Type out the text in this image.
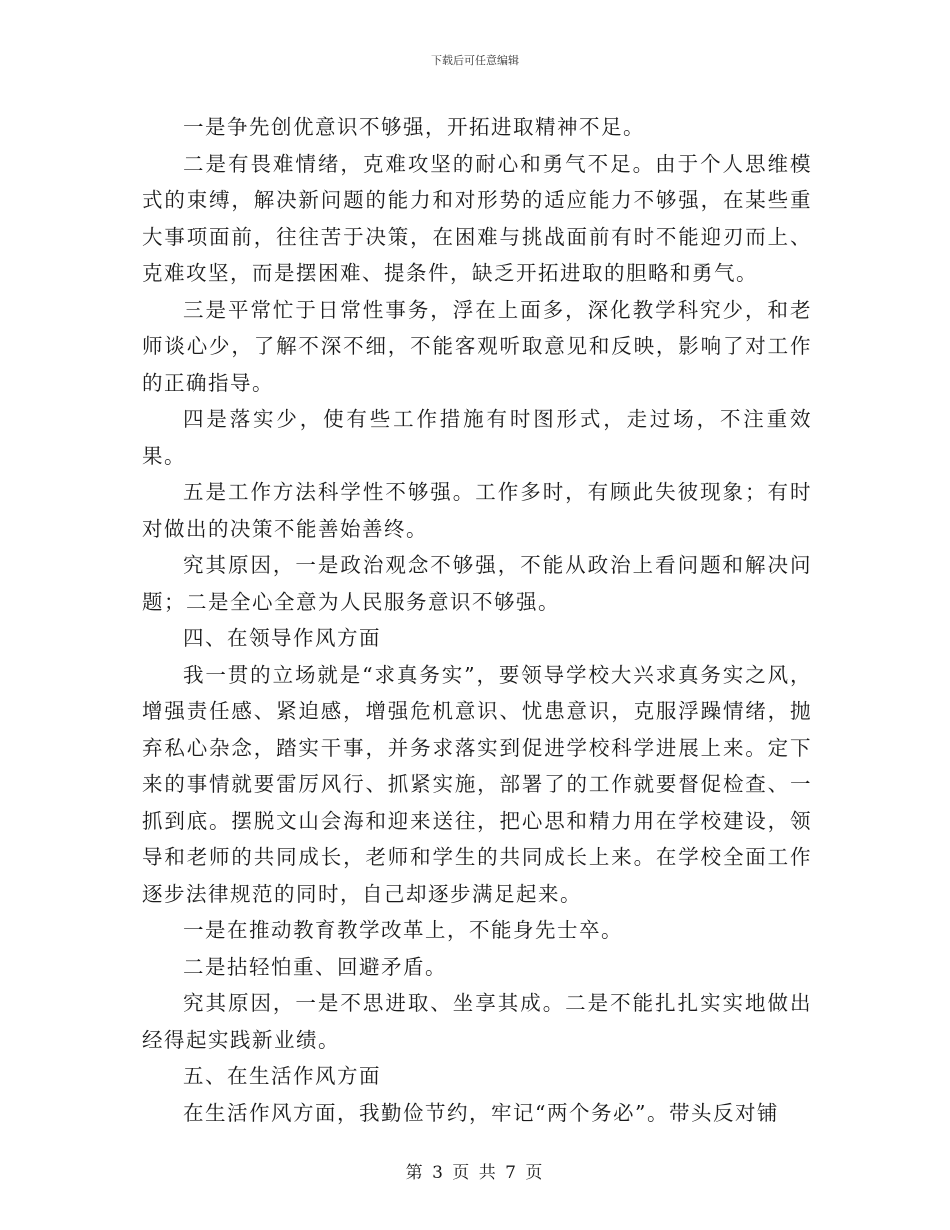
下载后可任意编辑

一是争先创优意识不够强，开拓进取精神不足。

二是有畏难情绪，克难攻坚的耐心和勇气不足。由于个人思维模式的束缚，解决新问题的能力和对形势的适应能力不够强，在某些重大事项面前，往往苦于决策，在困难与挑战面前有时不能迎刃而上、克难攻坚，而是摆困难、提条件，缺乏开拓进取的胆略和勇气。

三是平常忙于日常性事务，浮在上面多，深化教学科究少，和老师谈心少，了解不深不细，不能客观听取意见和反映，影响了对工作的正确指导。

四是落实少，使有些工作措施有时图形式，走过场，不注重效果。

五是工作方法科学性不够强。工作多时，有顾此失彼现象；有时对做出的决策不能善始善终。

究其原因，一是政治观念不够强，不能从政治上看问题和解决问题；二是全心全意为人民服务意识不够强。

四、在领导作风方面

我一贯的立场就是“求真务实”，要领导学校大兴求真务实之风，增强责任感、紧迫感，增强危机意识、忧患意识，克服浮躁情绪，抛弃私心杂念，踏实干事，并务求落实到促进学校科学进展上来。定下来的事情就要雷厉风行、抓紧实施，部署了的工作就要督促检查、一抓到底。摆脱文山会海和迎来送往，把心思和精力用在学校建设，领导和老师的共同成长，老师和学生的共同成长上来。在学校全面工作逐步法律规范的同时，自己却逐步满足起来。

一是在推动教育教学改革上，不能身先士卒。

二是拈轻怕重、回避矛盾。

究其原因，一是不思进取、坐享其成。二是不能扎扎实实地做出经得起实践新业绩。

五、在生活作风方面

在生活作风方面，我勤俭节约，牢记“两个务必”。带头反对铺

第 3 页 共 7 页
